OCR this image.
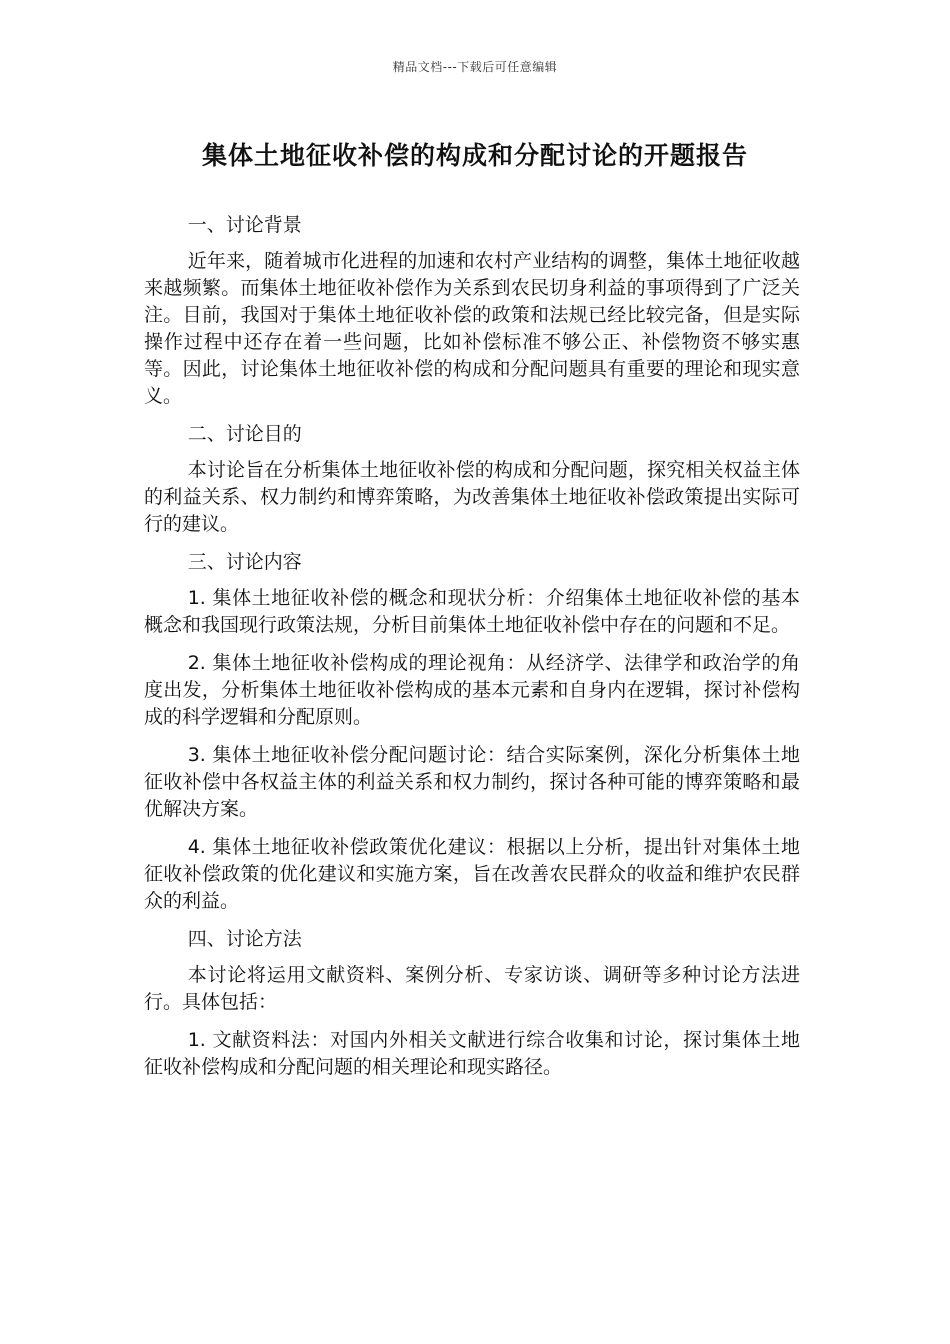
精品文档---下载后可任意编辑
集体土地征收补偿的构成和分配讨论的开题报告

一、讨论背景

近年来，随着城市化进程的加速和农村产业结构的调整，集体土地征收越来越频繁。而集体土地征收补偿作为关系到农民切身利益的事项得到了广泛关注。目前，我国对于集体土地征收补偿的政策和法规已经比较完备，但是实际操作过程中还存在着一些问题，比如补偿标准不够公正、补偿物资不够实惠等。因此，讨论集体土地征收补偿的构成和分配问题具有重要的理论和现实意义。

二、讨论目的

本讨论旨在分析集体土地征收补偿的构成和分配问题，探究相关权益主体的利益关系、权力制约和博弈策略，为改善集体土地征收补偿政策提出实际可行的建议。

三、讨论内容

1. 集体土地征收补偿的概念和现状分析：介绍集体土地征收补偿的基本概念和我国现行政策法规，分析目前集体土地征收补偿中存在的问题和不足。

2. 集体土地征收补偿构成的理论视角：从经济学、法律学和政治学的角度出发，分析集体土地征收补偿构成的基本元素和自身内在逻辑，探讨补偿构成的科学逻辑和分配原则。

3. 集体土地征收补偿分配问题讨论：结合实际案例，深化分析集体土地征收补偿中各权益主体的利益关系和权力制约，探讨各种可能的博弈策略和最优解决方案。

4. 集体土地征收补偿政策优化建议：根据以上分析，提出针对集体土地征收补偿政策的优化建议和实施方案，旨在改善农民群众的收益和维护农民群众的利益。

四、讨论方法

本讨论将运用文献资料、案例分析、专家访谈、调研等多种讨论方法进行。具体包括：

1. 文献资料法：对国内外相关文献进行综合收集和讨论，探讨集体土地征收补偿构成和分配问题的相关理论和现实路径。
